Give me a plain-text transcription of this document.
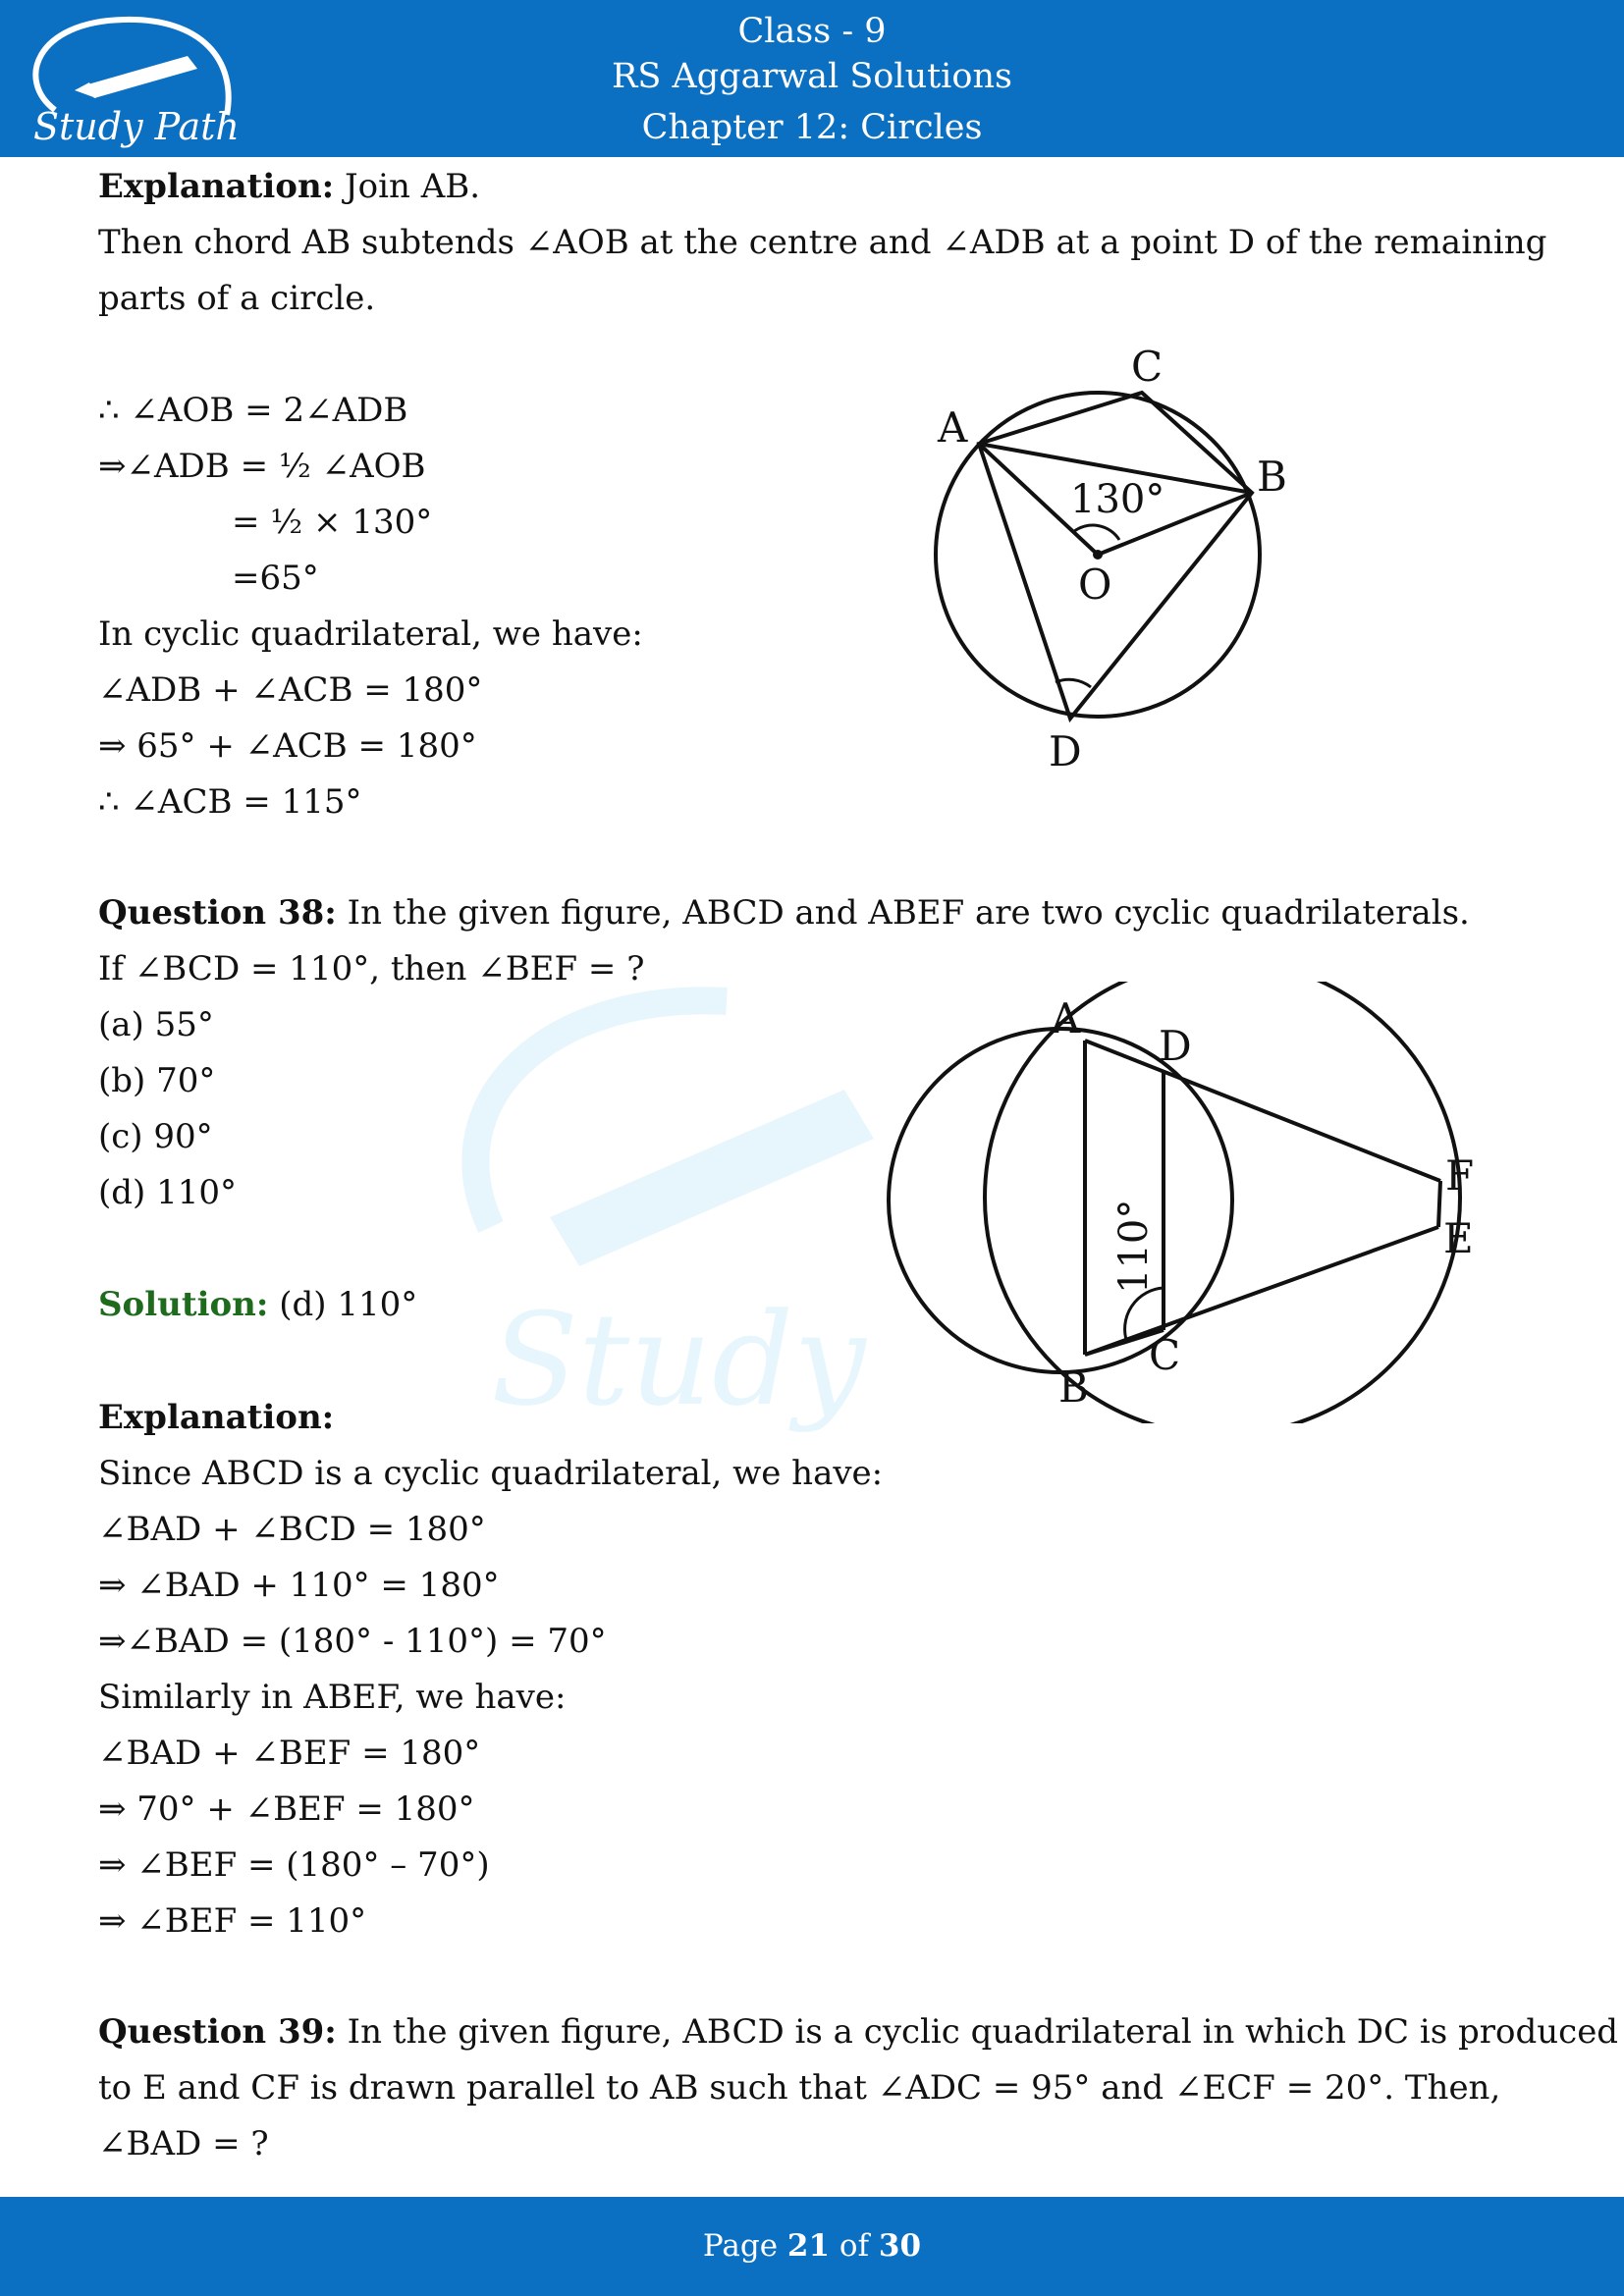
Study Path
Class - 9
RS Aggarwal Solutions
Chapter 12: Circles
Study
Explanation: Join AB.
Then chord AB subtends ∠AOB at the centre and ∠ADB at a point D of the remaining
parts of a circle.
∴ ∠AOB = 2∠ADB
⇒∠ADB = ½ ∠AOB
= ½ × 130°
=65°
In cyclic quadrilateral, we have:
∠ADB + ∠ACB = 180°
⇒ 65° + ∠ACB = 180°
∴ ∠ACB = 115°
A
C
B
O
D
130°
Question 38: In the given figure, ABCD and ABEF are two cyclic quadrilaterals.
If ∠BCD = 110°, then ∠BEF = ?
(a) 55°
(b) 70°
(c) 90°
(d) 110°
Solution: (d) 110°
Explanation:
Since ABCD is a cyclic quadrilateral, we have:
∠BAD + ∠BCD = 180°
⇒ ∠BAD + 110° = 180°
⇒∠BAD = (180° - 110°) = 70°
Similarly in ABEF, we have:
∠BAD + ∠BEF = 180°
⇒ 70° + ∠BEF = 180°
⇒ ∠BEF = (180° – 70°)
⇒ ∠BEF = 110°
A
D
F
E
C
B
110°
Question 39: In the given figure, ABCD is a cyclic quadrilateral in which DC is produced
to E and CF is drawn parallel to AB such that ∠ADC = 95° and ∠ECF = 20°. Then,
∠BAD = ?
Page 21 of 30
